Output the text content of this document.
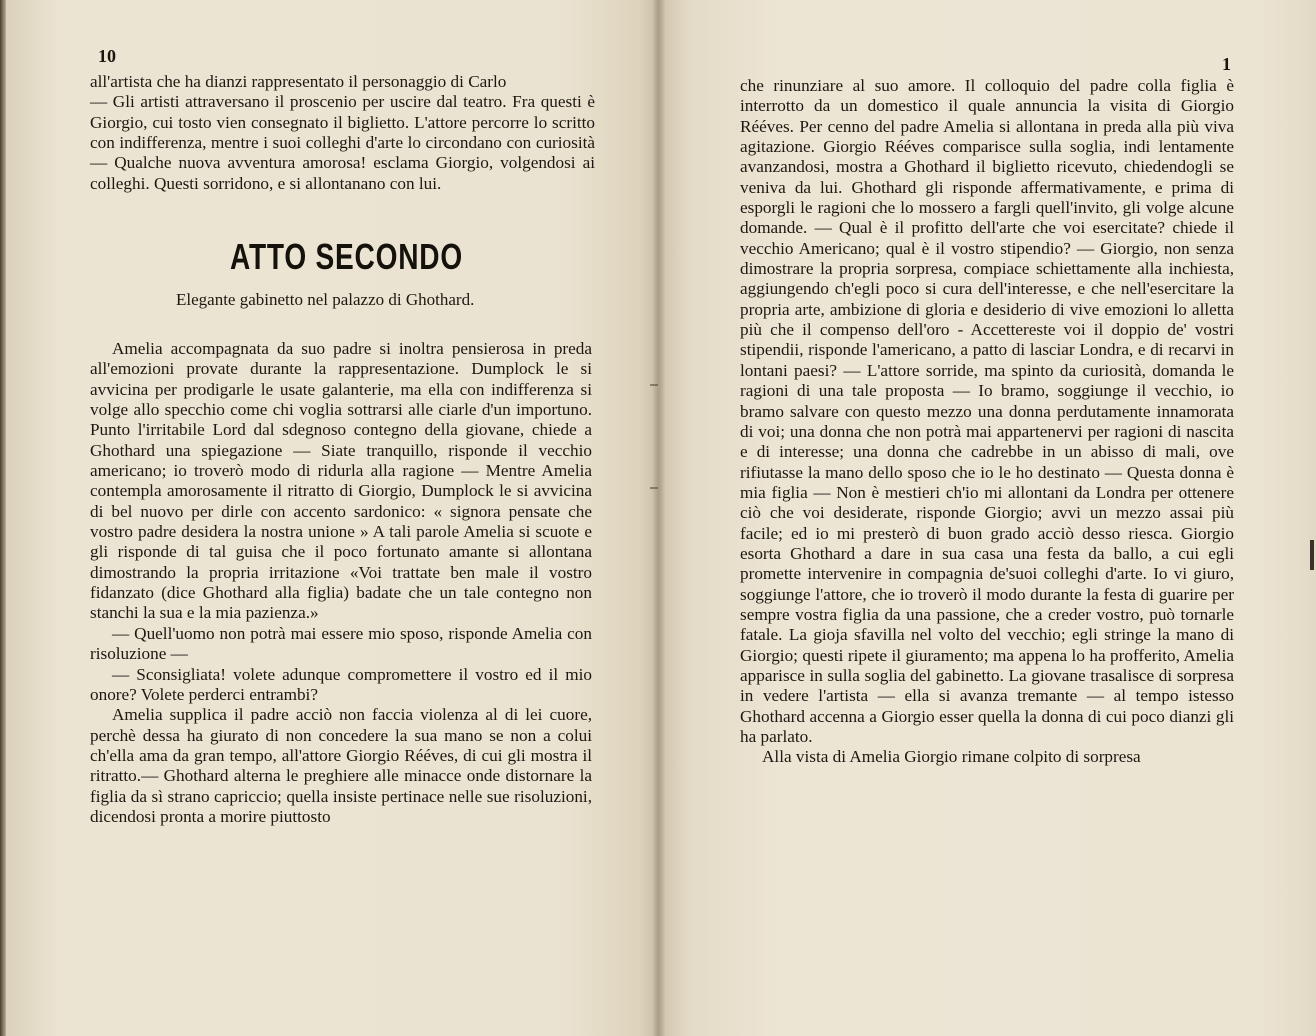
10

all'artista che ha dianzi rappresentato il personaggio di Carlo

— Gli artisti attraversano il proscenio per uscire dal teatro. Fra questi è Giorgio, cui tosto vien consegnato il biglietto. L'attore percorre lo scritto con indifferenza, mentre i suoi colleghi d'arte lo circondano con curiosità — Qualche nuova avventura amorosa! esclama Giorgio, volgendosi ai colleghi. Questi sorridono, e si allontanano con lui.

ATTO SECONDO
Elegante gabinetto nel palazzo di Ghothard.

Amelia accompagnata da suo padre si inoltra pensierosa in preda all'emozioni provate durante la rappresentazione. Dumplock le si avvicina per prodigarle le usate galanterie, ma ella con indifferenza si volge allo specchio come chi voglia sottrarsi alle ciarle d'un importuno. Punto l'irritabile Lord dal sdegnoso contegno della giovane, chiede a Ghothard una spiegazione — Siate tranquillo, risponde il vecchio americano; io troverò modo di ridurla alla ragione — Mentre Amelia contempla amorosamente il ritratto di Giorgio, Dumplock le si avvicina di bel nuovo per dirle con accento sardonico: « signora pensate che vostro padre desidera la nostra unione » A tali parole Amelia si scuote e gli risponde di tal guisa che il poco fortunato amante si allontana dimostrando la propria irritazione «Voi trattate ben male il vostro fidanzato (dice Ghothard alla figlia) badate che un tale contegno non stanchi la sua e la mia pazienza.»

— Quell'uomo non potrà mai essere mio sposo, risponde Amelia con risoluzione —

— Sconsigliata! volete adunque compromettere il vostro ed il mio onore? Volete perderci entrambi?

Amelia supplica il padre acciò non faccia violenza al di lei cuore, perchè dessa ha giurato di non concedere la sua mano se non a colui ch'ella ama da gran tempo, all'attore Giorgio Rééves, di cui gli mostra il ritratto.— Ghothard alterna le preghiere alle minacce onde distornare la figlia da sì strano capriccio; quella insiste pertinace nelle sue risoluzioni, dicendosi pronta a morire piuttosto

1

che rinunziare al suo amore. Il colloquio del padre colla figlia è interrotto da un domestico il quale annuncia la visita di Giorgio Rééves. Per cenno del padre Amelia si allontana in preda alla più viva agitazione. Giorgio Rééves comparisce sulla soglia, indi lentamente avanzandosi, mostra a Ghothard il biglietto ricevuto, chiedendogli se veniva da lui. Ghothard gli risponde affermativamente, e prima di esporgli le ragioni che lo mossero a fargli quell'invito, gli volge alcune domande. — Qual è il profitto dell'arte che voi esercitate? chiede il vecchio Americano; qual è il vostro stipendio? — Giorgio, non senza dimostrare la propria sorpresa, compiace schiettamente alla inchiesta, aggiungendo ch'egli poco si cura dell'interesse, e che nell'esercitare la propria arte, ambizione di gloria e desiderio di vive emozioni lo alletta più che il compenso dell'oro - Accettereste voi il doppio de' vostri stipendii, risponde l'americano, a patto di lasciar Londra, e di recarvi in lontani paesi? — L'attore sorride, ma spinto da curiosità, domanda le ragioni di una tale proposta — Io bramo, soggiunge il vecchio, io bramo salvare con questo mezzo una donna perdutamente innamorata di voi; una donna che non potrà mai appartenervi per ragioni di nascita e di interesse; una donna che cadrebbe in un abisso di mali, ove rifiutasse la mano dello sposo che io le ho destinato — Questa donna è mia figlia — Non è mestieri ch'io mi allontani da Londra per ottenere ciò che voi desiderate, risponde Giorgio; avvi un mezzo assai più facile; ed io mi presterò di buon grado acciò desso riesca. Giorgio esorta Ghothard a dare in sua casa una festa da ballo, a cui egli promette intervenire in compagnia de'suoi colleghi d'arte. Io vi giuro, soggiunge l'attore, che io troverò il modo durante la festa di guarire per sempre vostra figlia da una passione, che a creder vostro, può tornarle fatale. La gioja sfavilla nel volto del vecchio; egli stringe la mano di Giorgio; questi ripete il giuramento; ma appena lo ha profferito, Amelia apparisce in sulla soglia del gabinetto. La giovane trasalisce di sorpresa in vedere l'artista — ella si avanza tremante — al tempo istesso Ghothard accenna a Giorgio esser quella la donna di cui poco dianzi gli ha parlato.

Alla vista di Amelia Giorgio rimane colpito di sorpresa
